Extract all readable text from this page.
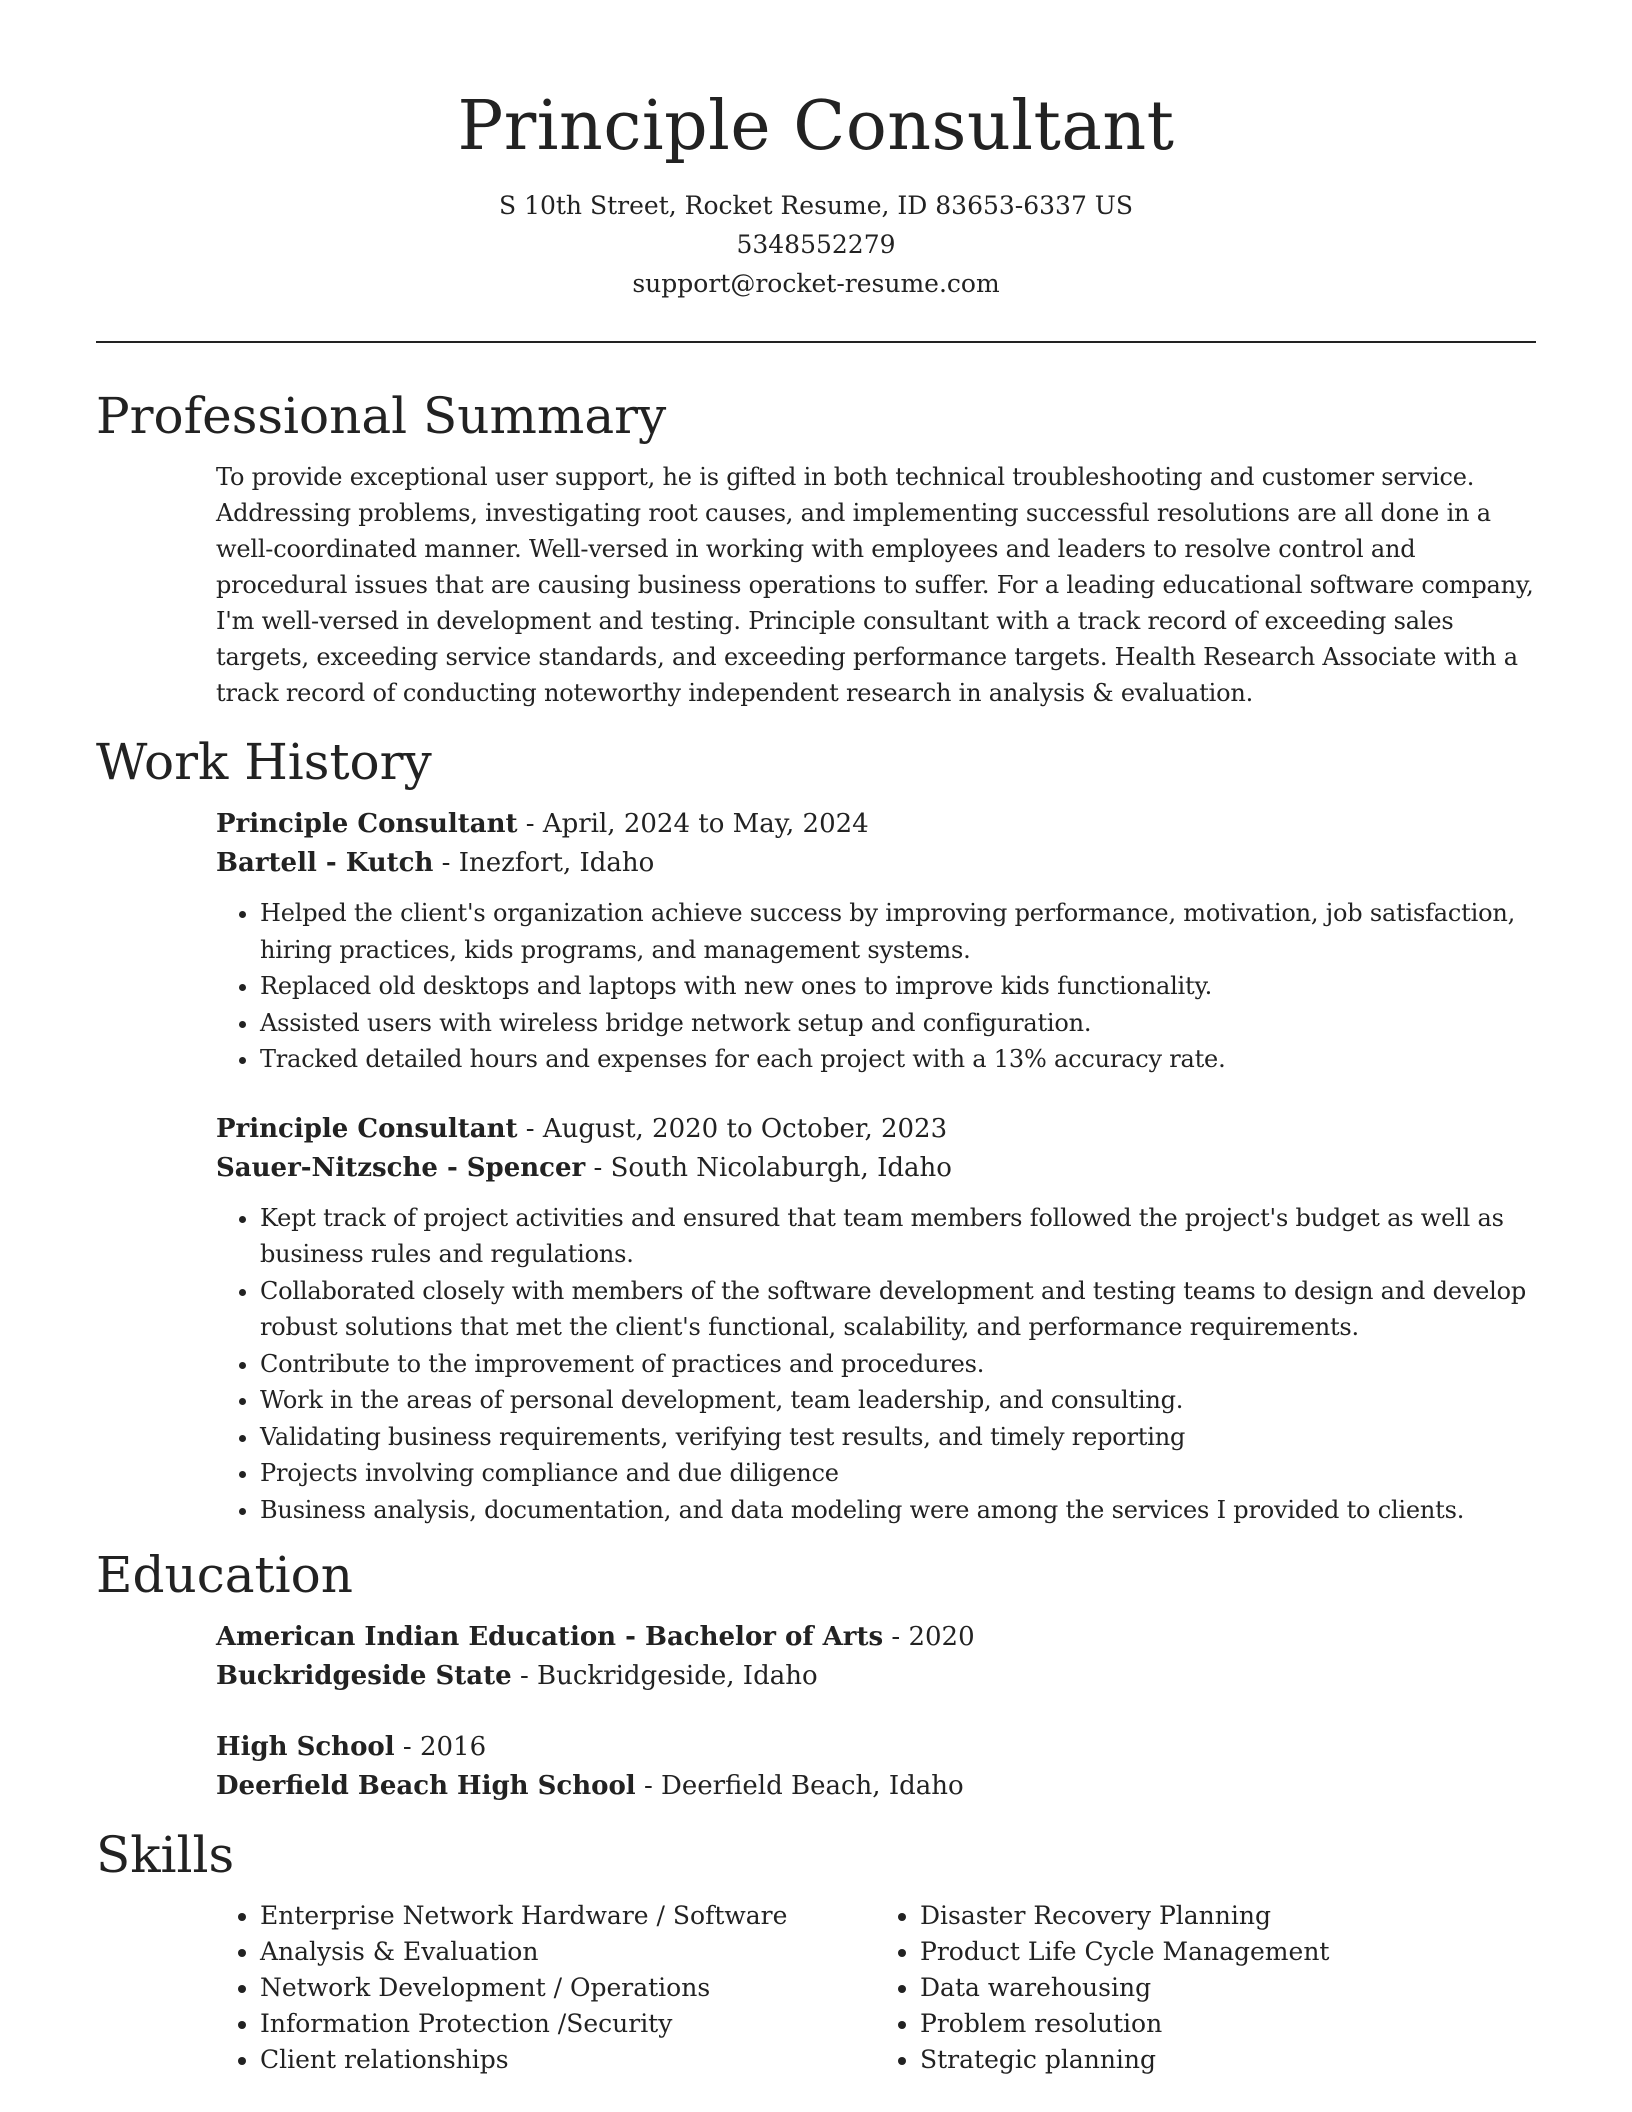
Principle Consultant

S 10th Street, Rocket Resume, ID 83653-6337 US

5348552279

support@rocket-resume.com

Professional Summary

To provide exceptional user support, he is gifted in both technical troubleshooting and customer service. Addressing problems, investigating root causes, and implementing successful resolutions are all done in a well-coordinated manner. Well-versed in working with employees and leaders to resolve control and procedural issues that are causing business operations to suffer. For a leading educational software company, I'm well-versed in development and testing. Principle consultant with a track record of exceeding sales targets, exceeding service standards, and exceeding performance targets. Health Research Associate with a track record of conducting noteworthy independent research in analysis & evaluation.

Work History

Principle Consultant - April, 2024 to May, 2024

Bartell - Kutch - Inezfort, Idaho

• Helped the client's organization achieve success by improving performance, motivation, job satisfaction, hiring practices, kids programs, and management systems.
• Replaced old desktops and laptops with new ones to improve kids functionality.
• Assisted users with wireless bridge network setup and configuration.
• Tracked detailed hours and expenses for each project with a 13% accuracy rate.

Principle Consultant - August, 2020 to October, 2023

Sauer-Nitzsche - Spencer - South Nicolaburgh, Idaho

• Kept track of project activities and ensured that team members followed the project's budget as well as business rules and regulations.
• Collaborated closely with members of the software development and testing teams to design and develop robust solutions that met the client's functional, scalability, and performance requirements.
• Contribute to the improvement of practices and procedures.
• Work in the areas of personal development, team leadership, and consulting.
• Validating business requirements, verifying test results, and timely reporting
• Projects involving compliance and due diligence
• Business analysis, documentation, and data modeling were among the services I provided to clients.
Education
American Indian Education - Bachelor of Arts - 2020
Buckridgeside State - Buckridgeside, Idaho
High School - 2016
Deerfield Beach High School - Deerfield Beach, Idaho
Skills
• Enterprise Network Hardware / Software
• Analysis & Evaluation
• Network Development / Operations
• Information Protection /Security
• Client relationships
• Disaster Recovery Planning
• Product Life Cycle Management
• Data warehousing
• Problem resolution
• Strategic planning
